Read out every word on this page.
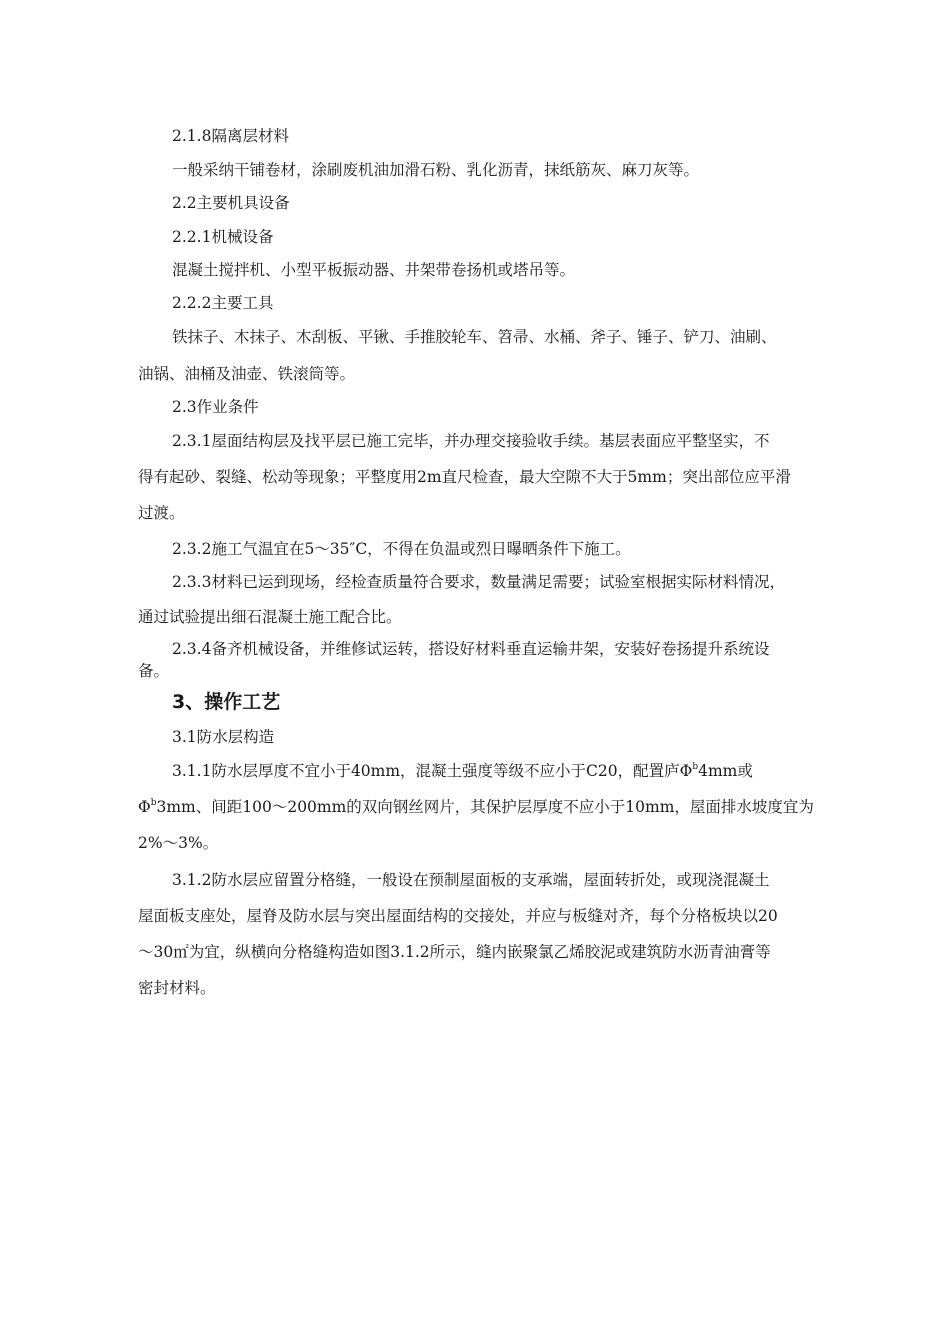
2.1.8隔离层材料
一般采纳干铺卷材，涂刷废机油加滑石粉、乳化沥青，抹纸筋灰、麻刀灰等。
2.2主要机具设备
2.2.1机械设备
混凝土搅拌机、小型平板振动器、井架带卷扬机或塔吊等。
2.2.2主要工具
铁抹子、木抹子、木刮板、平锹、手推胶轮车、笤帚、水桶、斧子、锤子、铲刀、油刷、
油锅、油桶及油壶、铁滚筒等。
2.3作业条件
2.3.1屋面结构层及找平层已施工完毕，并办理交接验收手续。基层表面应平整坚实，不
得有起砂、裂缝、松动等现象；平整度用2m直尺检查，最大空隙不大于5mm；突出部位应平滑
过渡。
2.3.2施工气温宜在5～35″C，不得在负温或烈日曝晒条件下施工。
2.3.3材料已运到现场，经检查质量符合要求，数量满足需要；试验室根据实际材料情况，
通过试验提出细石混凝土施工配合比。
2.3.4备齐机械设备，并维修试运转，搭设好材料垂直运输井架，安装好卷扬提升系统设
备。
3、操作工艺
3.1防水层构造
3.1.1防水层厚度不宜小于40mm，混凝土强度等级不应小于C20，配置庐$\Phi^b4mm$或
$\Phi^b3mm$、间距100～200mm的双向钢丝网片，其保护层厚度不应小于10mm，屋面排水坡度宜为
2%～3%。
3.1.2防水层应留置分格缝，一般设在预制屋面板的支承端，屋面转折处，或现浇混凝土
屋面板支座处，屋脊及防水层与突出屋面结构的交接处，并应与板缝对齐，每个分格板块以20
～30㎡为宜，纵横向分格缝构造如图3.1.2所示，缝内嵌聚氯乙烯胶泥或建筑防水沥青油膏等
密封材料。
